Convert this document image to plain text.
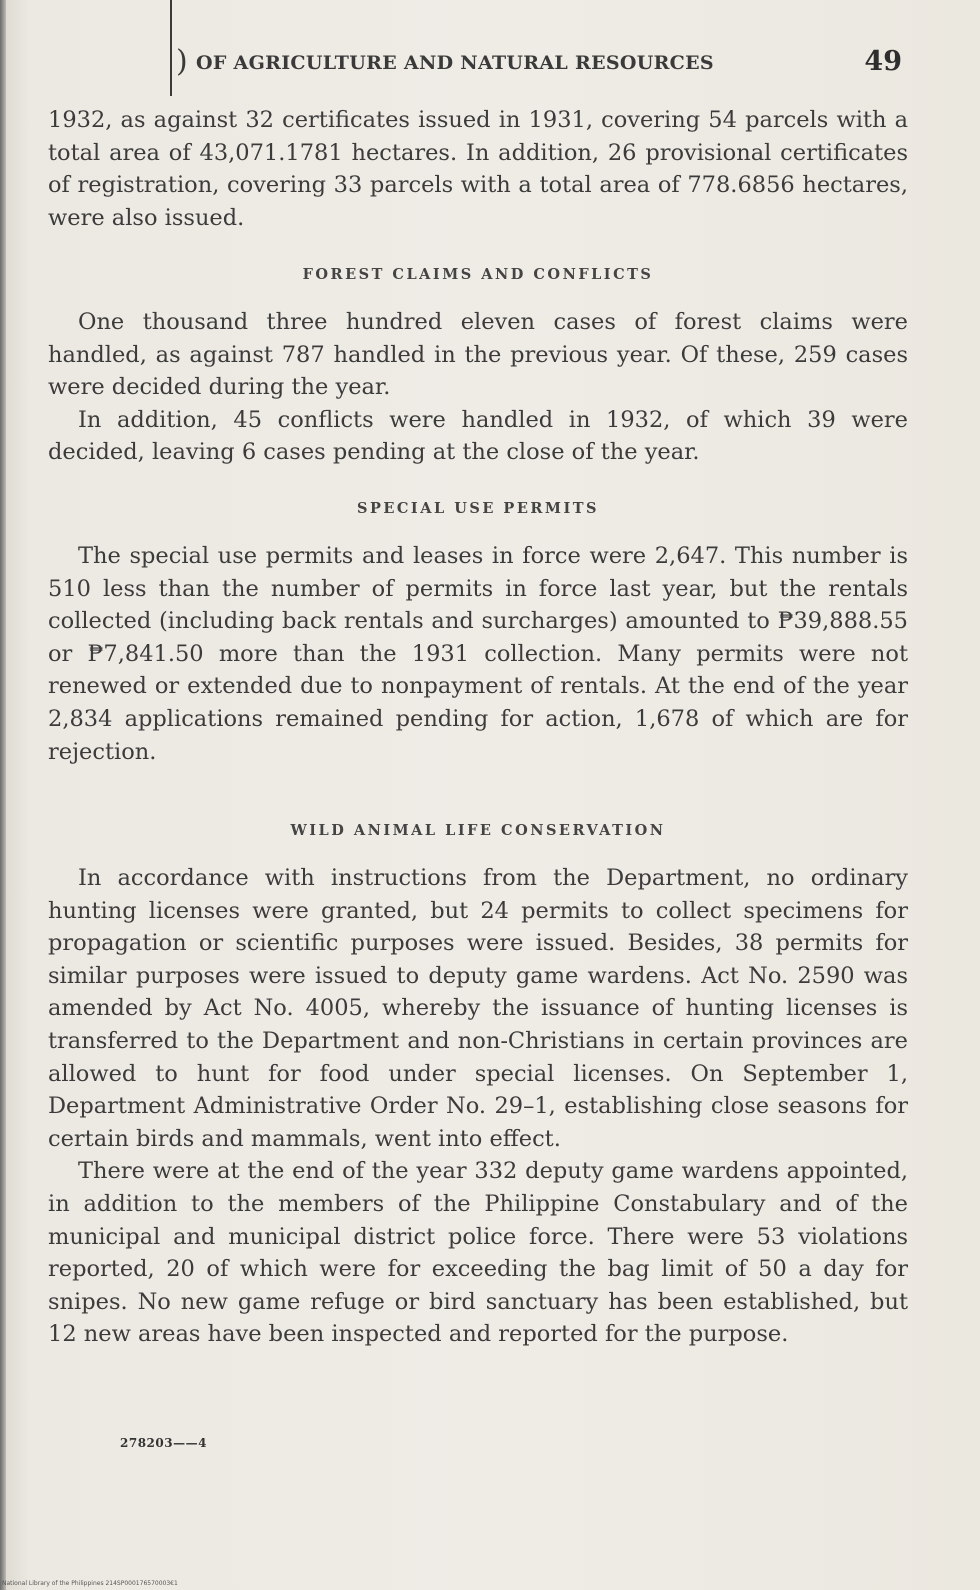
) OF AGRICULTURE AND NATURAL RESOURCES	49

1932, as against 32 certificates issued in 1931, covering 54 parcels with a total area of 43,071.1781 hectares. In addition, 26 provisional certificates of registration, covering 33 parcels with a total area of 778.6856 hectares, were also issued.

FOREST CLAIMS AND CONFLICTS

One thousand three hundred eleven cases of forest claims were handled, as against 787 handled in the previous year. Of these, 259 cases were decided during the year.

In addition, 45 conflicts were handled in 1932, of which 39 were decided, leaving 6 cases pending at the close of the year.

SPECIAL USE PERMITS

The special use permits and leases in force were 2,647. This number is 510 less than the number of permits in force last year, but the rentals collected (including back rentals and surcharges) amounted to ₱39,888.55 or ₱7,841.50 more than the 1931 collection. Many permits were not renewed or extended due to nonpayment of rentals. At the end of the year 2,834 applications remained pending for action, 1,678 of which are for rejection.

WILD ANIMAL LIFE CONSERVATION

In accordance with instructions from the Department, no ordinary hunting licenses were granted, but 24 permits to collect specimens for propagation or scientific purposes were issued. Besides, 38 permits for similar purposes were issued to deputy game wardens. Act No. 2590 was amended by Act No. 4005, whereby the issuance of hunting licenses is transferred to the Department and non-Christians in certain provinces are allowed to hunt for food under special licenses. On September 1, Department Administrative Order No. 29–1, establishing close seasons for certain birds and mammals, went into effect.

There were at the end of the year 332 deputy game wardens appointed, in addition to the members of the Philippine Constabulary and of the municipal and municipal district police force. There were 53 violations reported, 20 of which were for exceeding the bag limit of 50 a day for snipes. No new game refuge or bird sanctuary has been established, but 12 new areas have been inspected and reported for the purpose.

278203——4
National Library of the Philippines 214SP000176570003€1
